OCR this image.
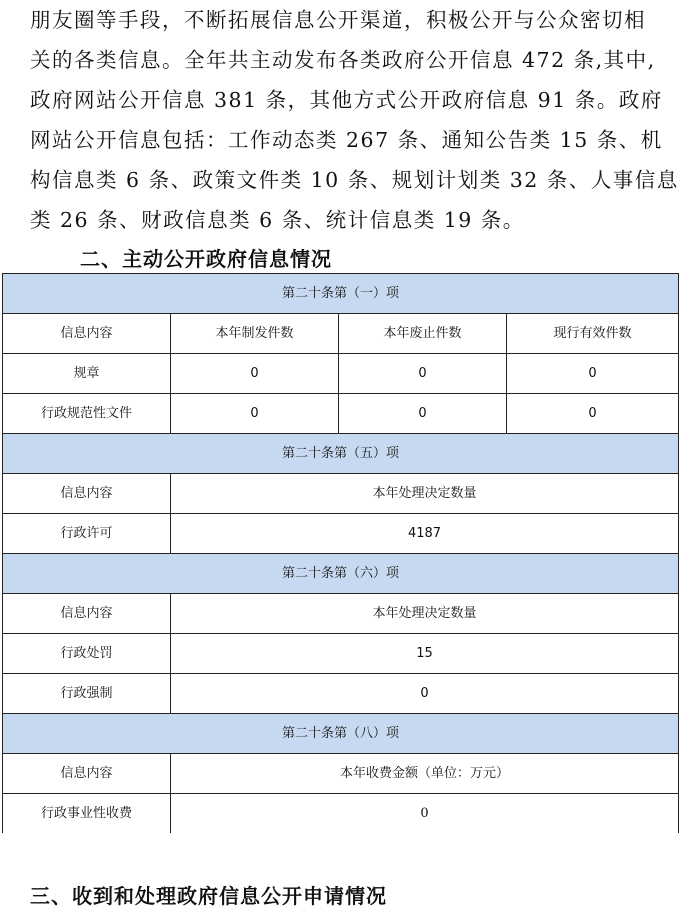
朋友圈等手段，不断拓展信息公开渠道，积极公开与公众密切相
关的各类信息。全年共主动发布各类政府公开信息 472 条,其中,
政府网站公开信息 381 条，其他方式公开政府信息 91 条。政府
网站公开信息包括：工作动态类 267 条、通知公告类 15 条、机
构信息类 6 条、政策文件类 10 条、规划计划类 32 条、人事信息
类 26 条、财政信息类 6 条、统计信息类 19 条。
二、主动公开政府信息情况
第二十条第（一）项			
信息内容	本年制发件数	本年废止件数	现行有效件数
规章	0	0	0
行政规范性文件	0	0	0
第二十条第（五）项			
信息内容	本年处理决定数量		
行政许可	4187		
第二十条第（六）项			
信息内容	本年处理决定数量		
行政处罚	15		
行政强制	0		
第二十条第（八）项			
信息内容	本年收费金额（单位：万元）		
行政事业性收费	0		
三、收到和处理政府信息公开申请情况
